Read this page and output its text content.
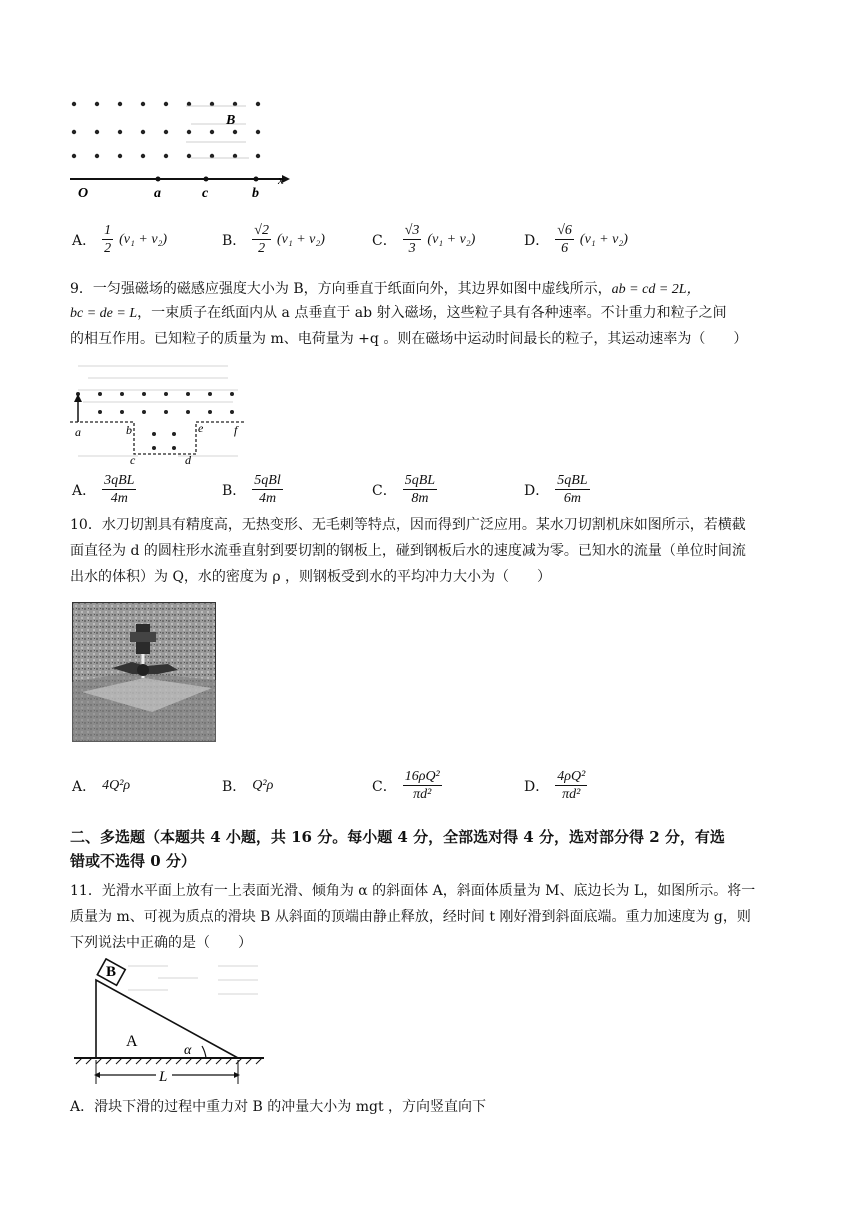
B
O	a	c	b
x
A． $\frac{1}{2} (v_1 + v_2)$	B． $\frac{√2}{2} (v_1 + v_2)$	C． $\frac{√3}{3} (v_1 + v_2)$	D． $\frac{√6}{6} (v_1 + v_2)$
9．一匀强磁场的磁感应强度大小为 B，方向垂直于纸面向外，其边界如图中虚线所示，ab = cd = 2L，
bc = de = L，一束质子在纸面内从 a 点垂直于 ab 射入磁场，这些粒子具有各种速率。不计重力和粒子之间
的相互作用。已知粒子的质量为 m、电荷量为 +q 。则在磁场中运动时间最长的粒子，其运动速率为（　　）
a	b
c	d
e	f
A． $\frac{\text{3qBL}}{4m}$	B． $\frac{\text{5qBl}}{4m}$	C． $\frac{\text{5qBL}}{8m}$	D． $\frac{\text{5qBL}}{6m}$
10．水刀切割具有精度高，无热变形、无毛刺等特点，因而得到广泛应用。某水刀切割机床如图所示，若横截
面直径为 d 的圆柱形水流垂直射到要切割的钢板上，碰到钢板后水的速度减为零。已知水的流量（单位时间流
出水的体积）为 Q，水的密度为 ρ ，则钢板受到水的平均冲力大小为（　　）
A． 4Q²ρ	B． Q²ρ	C． $\frac{\text{16ρQ²}}{\text{πd²}}$	D． $\frac{\text{4ρQ²}}{\text{πd²}}$
二、多选题（本题共 4 小题，共 16 分。每小题 4 分，全部选对得 4 分，选对部分得 2 分，有选
错或不选得 0 分）
11．光滑水平面上放有一上表面光滑、倾角为 α 的斜面体 A，斜面体质量为 M、底边长为 L，如图所示。将一
质量为 m、可视为质点的滑块 B 从斜面的顶端由静止释放，经时间 t 刚好滑到斜面底端。重力加速度为 g，则
下列说法中正确的是（　　）
B
A
α
L
A．滑块下滑的过程中重力对 B 的冲量大小为 mgt ，方向竖直向下
